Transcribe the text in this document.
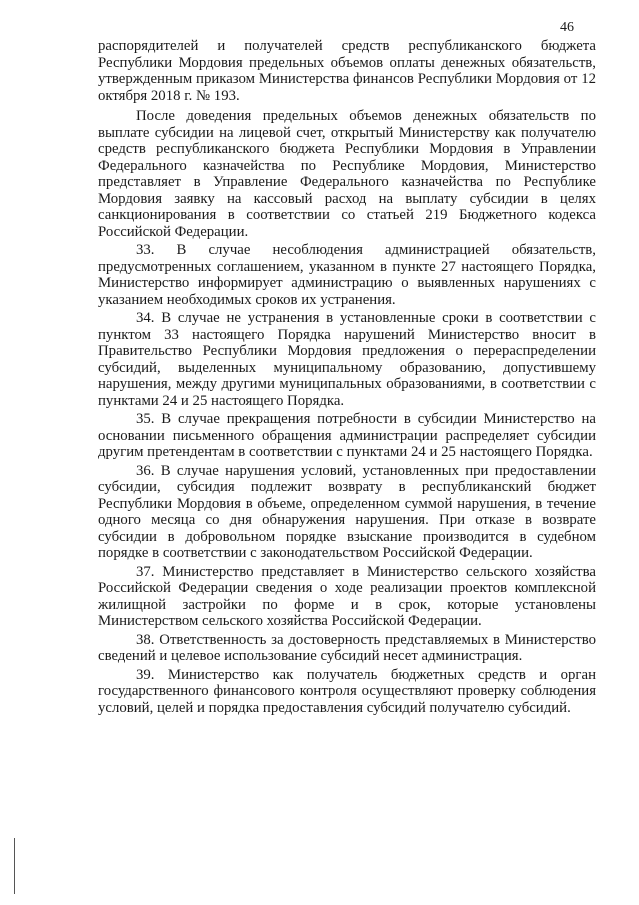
46

распорядителей и получателей средств республиканского бюджета Республики Мордовия предельных объемов оплаты денежных обязательств, утвержденным приказом Министерства финансов Республики Мордовия от 12 октября 2018 г. № 193.

После доведения предельных объемов денежных обязательств по выплате субсидии на лицевой счет, открытый Министерству как получателю средств республиканского бюджета Республики Мордовия в Управлении Федерального казначейства по Республике Мордовия, Министерство представляет в Управление Федерального казначейства по Республике Мордовия заявку на кассовый расход на выплату субсидии в целях санкционирования в соответствии со статьей 219 Бюджетного кодекса Российской Федерации.

33. В случае несоблюдения администрацией обязательств, предусмотренных соглашением, указанном в пункте 27 настоящего Порядка, Министерство информирует администрацию о выявленных нарушениях с указанием необходимых сроков их устранения.

34. В случае не устранения в установленные сроки в соответствии с пунктом 33 настоящего Порядка нарушений Министерство вносит в Правительство Республики Мордовия предложения о перераспределении субсидий, выделенных муниципальному образованию, допустившему нарушения, между другими муниципальных образованиями, в соответствии с пунктами 24 и 25 настоящего Порядка.

35. В случае прекращения потребности в субсидии Министерство на основании письменного обращения администрации распределяет субсидии другим претендентам в соответствии с пунктами 24 и 25 настоящего Порядка.

36. В случае нарушения условий, установленных при предоставлении субсидии, субсидия подлежит возврату в республиканский бюджет Республики Мордовия в объеме, определенном суммой нарушения, в течение одного месяца со дня обнаружения нарушения. При отказе в возврате субсидии в добровольном порядке взыскание производится в судебном порядке в соответствии с законодательством Российской Федерации.

37. Министерство представляет в Министерство сельского хозяйства Российской Федерации сведения о ходе реализации проектов комплексной жилищной застройки по форме и в срок, которые установлены Министерством сельского хозяйства Российской Федерации.

38. Ответственность за достоверность представляемых в Министерство сведений и целевое использование субсидий несет администрация.

39. Министерство как получатель бюджетных средств и орган государственного финансового контроля осуществляют проверку соблюдения условий, целей и порядка предоставления субсидий получателю субсидий.
